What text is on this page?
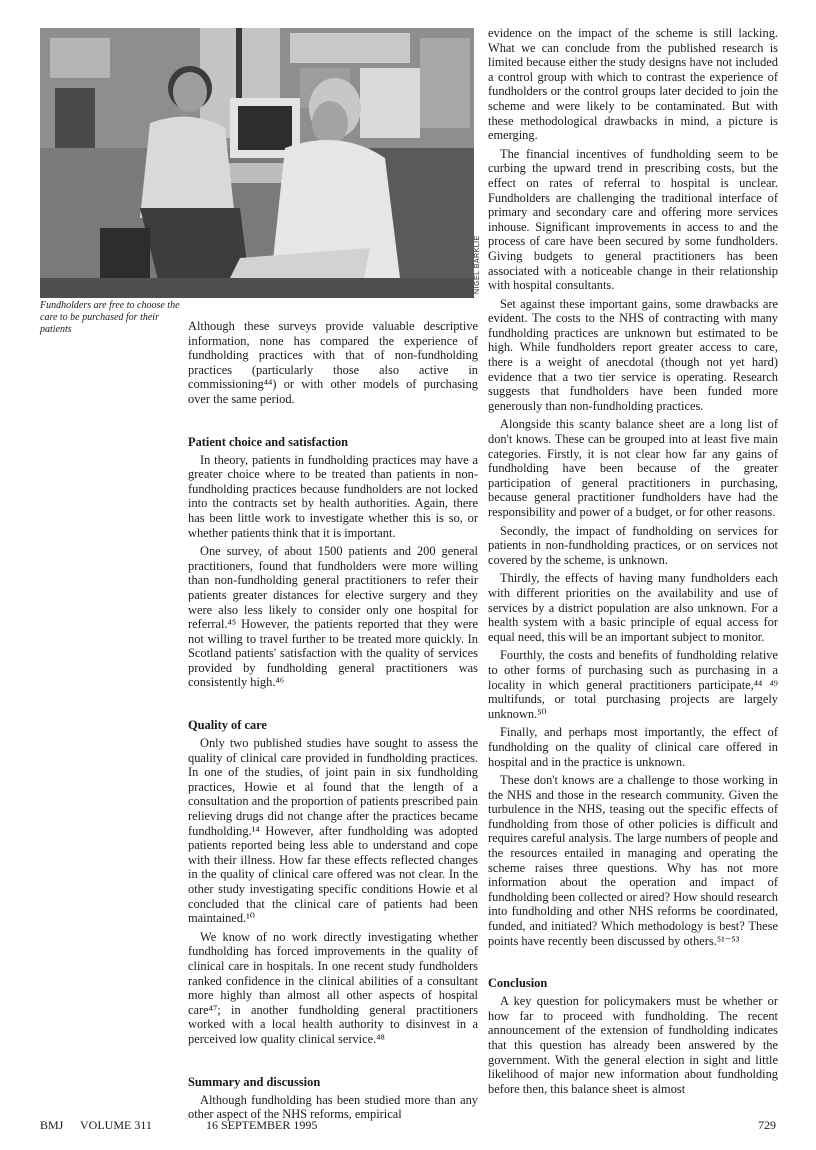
NIGEL BARKLIE
Fundholders are free to choose the care to be purchased for their patients	Although these surveys provide valuable descriptive information, none has compared the experience of fundholding practices with that of non-fundholding practices (particularly those also active in commissioning⁴⁴) or with other models of purchasing over the same period.

Patient choice and satisfaction

In theory, patients in fundholding practices may have a greater choice where to be treated than patients in non-fundholding practices because fundholders are not locked into the contracts set by health authorities. Again, there has been little work to investigate whether this is so, or whether patients think that it is important.

One survey, of about 1500 patients and 200 general practitioners, found that fundholders were more willing than non-fundholding general practitioners to refer their patients greater distances for elective surgery and they were also less likely to consider only one hospital for referral.⁴⁵ However, the patients reported that they were not willing to travel further to be treated more quickly. In Scotland patients' satisfaction with the quality of services provided by fundholding general practitioners was consistently high.⁴⁶

Quality of care

Only two published studies have sought to assess the quality of clinical care provided in fundholding practices. In one of the studies, of joint pain in six fundholding practices, Howie et al found that the length of a consultation and the proportion of patients prescribed pain relieving drugs did not change after the practices became fundholding.¹⁴ However, after fundholding was adopted patients reported being less able to understand and cope with their illness. How far these effects reflected changes in the quality of clinical care offered was not clear. In the other study investigating specific conditions Howie et al concluded that the clinical care of patients had been maintained.¹⁰

We know of no work directly investigating whether fundholding has forced improvements in the quality of clinical care in hospitals. In one recent study fundholders ranked confidence in the clinical abilities of a consultant more highly than almost all other aspects of hospital care⁴⁷; in another fundholding general practitioners worked with a local health authority to disinvest in a perceived low quality clinical service.⁴⁸

Summary and discussion

Although fundholding has been studied more than any other aspect of the NHS reforms, empirical

evidence on the impact of the scheme is still lacking. What we can conclude from the published research is limited because either the study designs have not included a control group with which to contrast the experience of fundholders or the control groups later decided to join the scheme and were likely to be contaminated. But with these methodological drawbacks in mind, a picture is emerging.

The financial incentives of fundholding seem to be curbing the upward trend in prescribing costs, but the effect on rates of referral to hospital is unclear. Fundholders are challenging the traditional interface of primary and secondary care and offering more services inhouse. Significant improvements in access to and the process of care have been secured by some fundholders. Giving budgets to general practitioners has been associated with a noticeable change in their relationship with hospital consultants.

Set against these important gains, some drawbacks are evident. The costs to the NHS of contracting with many fundholding practices are unknown but estimated to be high. While fundholders report greater access to care, there is a weight of anecdotal (though not yet hard) evidence that a two tier service is operating. Research suggests that fundholders have been funded more generously than non-fundholding practices.

Alongside this scanty balance sheet are a long list of don't knows. These can be grouped into at least five main categories. Firstly, it is not clear how far any gains of fundholding have been because of the greater participation of general practitioners in purchasing, because general practitioner fundholders have had the responsibility and power of a budget, or for other reasons.

Secondly, the impact of fundholding on services for patients in non-fundholding practices, or on services not covered by the scheme, is unknown.

Thirdly, the effects of having many fundholders each with different priorities on the availability and use of services by a district population are also unknown. For a health system with a basic principle of equal access for equal need, this will be an important subject to monitor.

Fourthly, the costs and benefits of fundholding relative to other forms of purchasing such as purchasing in a locality in which general practitioners participate,⁴⁴ ⁴⁹ multifunds, or total purchasing projects are largely unknown.⁵⁰

Finally, and perhaps most importantly, the effect of fundholding on the quality of clinical care offered in hospital and in the practice is unknown.

These don't knows are a challenge to those working in the NHS and those in the research community. Given the turbulence in the NHS, teasing out the specific effects of fundholding from those of other policies is difficult and requires careful analysis. The large numbers of people and the resources entailed in managing and operating the scheme raises three questions. Why has not more information about the operation and impact of fundholding been collected or aired? How should research into fundholding and other NHS reforms be coordinated, funded, and initiated? Which methodology is best? These points have recently been discussed by others.⁵¹⁻⁵³

Conclusion

A key question for policymakers must be whether or how far to proceed with fundholding. The recent announcement of the extension of fundholding indicates that this question has already been answered by the government. With the general election in sight and little likelihood of major new information about fundholding before then, this balance sheet is almost

BMJ VOLUME 311	16 SEPTEMBER 1995	729
